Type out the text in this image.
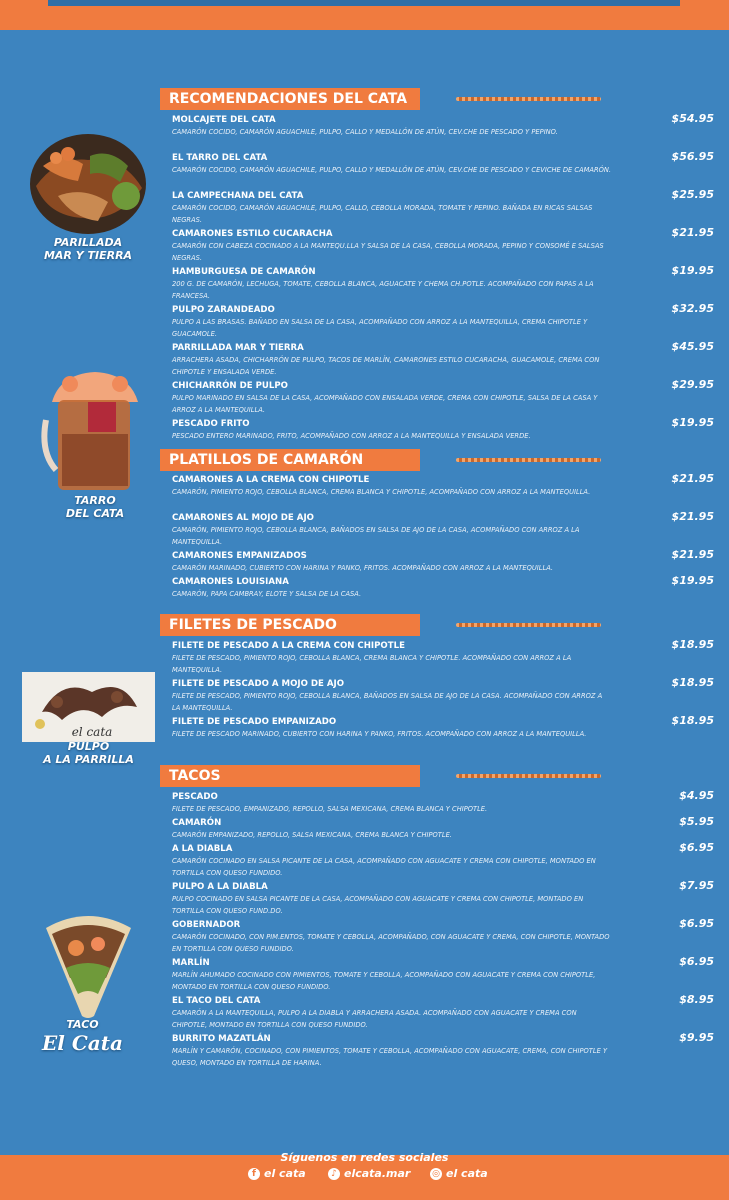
RECOMENDACIONES DEL CATA
MOLCAJETE DEL CATA
CAMARÓN COCIDO, CAMARÓN AGUACHILE, PULPO, CALLO Y MEDALLÓN DE ATÚN, CEV.CHE DE PESCADO Y PEPINO.
$54.95
EL TARRO DEL CATA
CAMARÓN COCIDO, CAMARÓN AGUACHILE, PULPO, CALLO Y MEDALLÓN DE ATÚN, CEV.CHE DE PESCADO Y CEVICHE DE CAMARÓN.
$56.95
LA CAMPECHANA DEL CATA
CAMARÓN COCIDO, CAMARÓN AGUACHILE, PULPO, CALLO, CEBOLLA MORADA, TOMATE Y PEPINO. BAÑADA EN RICAS SALSAS NEGRAS.
$25.95
CAMARONES ESTILO CUCARACHA
CAMARÓN CON CABEZA COCINADO A LA MANTEQU.LLA Y SALSA DE LA CASA, CEBOLLA MORADA, PEPINO Y CONSOMÉ E SALSAS NEGRAS.
$21.95
HAMBURGUESA DE CAMARÓN
200 G. DE CAMARÓN, LECHUGA, TOMATE, CEBOLLA BLANCA, AGUACATE Y CHEMA CH.POTLE. ACOMPAÑADO CON PAPAS A LA FRANCESA.
$19.95
PULPO ZARANDEADO
PULPO A LAS BRASAS. BAÑADO EN SALSA DE LA CASA, ACOMPAÑADO CON ARROZ A LA MANTEQUILLA, CREMA CHIPOTLE Y GUACAMOLE.
$32.95
PARRILLADA MAR Y TIERRA
ARRACHERA ASADA, CHICHARRÓN DE PULPO, TACOS DE MARLÍN, CAMARONES ESTILO CUCARACHA, GUACAMOLE, CREMA CON CHIPOTLE Y ENSALADA VERDE.
$45.95
CHICHARRÓN DE PULPO
PULPO MARINADO EN SALSA DE LA CASA, ACOMPAÑADO CON ENSALADA VERDE, CREMA CON CHIPOTLE, SALSA DE LA CASA Y ARROZ A LA MANTEQUILLA.
$29.95
PESCADO FRITO
PESCADO ENTERO MARINADO, FRITO, ACOMPAÑADO CON ARROZ A LA MANTEQUILLA Y ENSALADA VERDE.
$19.95
PLATILLOS DE CAMARÓN
CAMARONES A LA CREMA CON CHIPOTLE
CAMARÓN, PIMIENTO ROJO, CEBOLLA BLANCA, CREMA BLANCA Y CHIPOTLE, ACOMPAÑADO CON ARROZ A LA MANTEQUILLA.
$21.95
CAMARONES AL MOJO DE AJO
CAMARÓN, PIMIENTO ROJO, CEBOLLA BLANCA, BAÑADOS EN SALSA DE AJO DE LA CASA, ACOMPAÑADO CON ARROZ A LA MANTEQUILLA.
$21.95
CAMARONES EMPANIZADOS
CAMARÓN MARINADO, CUBIERTO CON HARINA Y PANKO, FRITOS. ACOMPAÑADO CON ARROZ A LA MANTEQUILLA.
$21.95
CAMARONES LOUISIANA
CAMARÓN, PAPA CAMBRAY, ELOTE Y SALSA DE LA CASA.
$19.95
FILETES DE PESCADO
FILETE DE PESCADO A LA CREMA CON CHIPOTLE
FILETE DE PESCADO, PIMIENTO ROJO, CEBOLLA BLANCA, CREMA BLANCA Y CHIPOTLE. ACOMPAÑADO CON ARROZ A LA MANTEQUILLA.
$18.95
FILETE DE PESCADO A MOJO DE AJO
FILETE DE PESCADO, PIMIENTO ROJO, CEBOLLA BLANCA, BAÑADOS EN SALSA DE AJO DE LA CASA. ACOMPAÑADO CON ARROZ A LA MANTEQUILLA.
$18.95
FILETE DE PESCADO EMPANIZADO
FILETE DE PESCADO MARINADO, CUBIERTO CON HARINA Y PANKO, FRITOS. ACOMPAÑADO CON ARROZ A LA MANTEQUILLA.
$18.95
TACOS
PESCADO
FILETE DE PESCADO, EMPANIZADO, REPOLLO, SALSA MEXICANA, CREMA BLANCA Y CHIPOTLE.
$4.95
CAMARÓN
CAMARÓN EMPANIZADO, REPOLLO, SALSA MEXICANA, CREMA BLANCA Y CHIPOTLE.
$5.95
A LA DIABLA
CAMARÓN COCINADO EN SALSA PICANTE DE LA CASA, ACOMPAÑADO CON AGUACATE Y CREMA CON CHIPOTLE, MONTADO EN TORTILLA CON QUESO FUNDIDO.
$6.95
PULPO A LA DIABLA
PULPO COCINADO EN SALSA PICANTE DE LA CASA, ACOMPAÑADO CON AGUACATE Y CREMA CON CHIPOTLE, MONTADO EN TORTILLA CON QUESO FUND.DO.
$7.95
GOBERNADOR
CAMARÓN COCINADO, CON PIM.ENTOS, TOMATE Y CEBOLLA, ACOMPAÑADO, CON AGUACATE Y CREMA, CON CHIPOTLE, MONTADO EN TORTILLA CON QUESO FUNDIDO.
$6.95
MARLÍN
MARLÍN AHUMADO COCINADO CON PIMIENTOS, TOMATE Y CEBOLLA, ACOMPAÑADO CON AGUACATE Y CREMA CON CHIPOTLE, MONTADO EN TORTILLA CON QUESO FUNDIDO.
$6.95
EL TACO DEL CATA
CAMARÓN A LA MANTEQUILLA, PULPO A LA DIABLA Y ARRACHERA ASADA. ACOMPAÑADO CON AGUACATE Y CREMA CON CHIPOTLE, MONTADO EN TORTILLA CON QUESO FUNDIDO.
$8.95
BURRITO MAZATLÁN
MARLÍN Y CAMARÓN, COCINADO, CON PIMIENTOS, TOMATE Y CEBOLLA, ACOMPAÑADO CON AGUACATE, CREMA, CON CHIPOTLE Y QUESO, MONTADO EN TORTILLA DE HARINA.
$9.95
PARILLADA
MAR Y TIERRA
TARRO
DEL CATA
el cata
PULPO
A LA PARRILLA
TACO
El Cata
Síguenos en redes sociales
f el cata	♪ elcata.mar ◎ el cata
